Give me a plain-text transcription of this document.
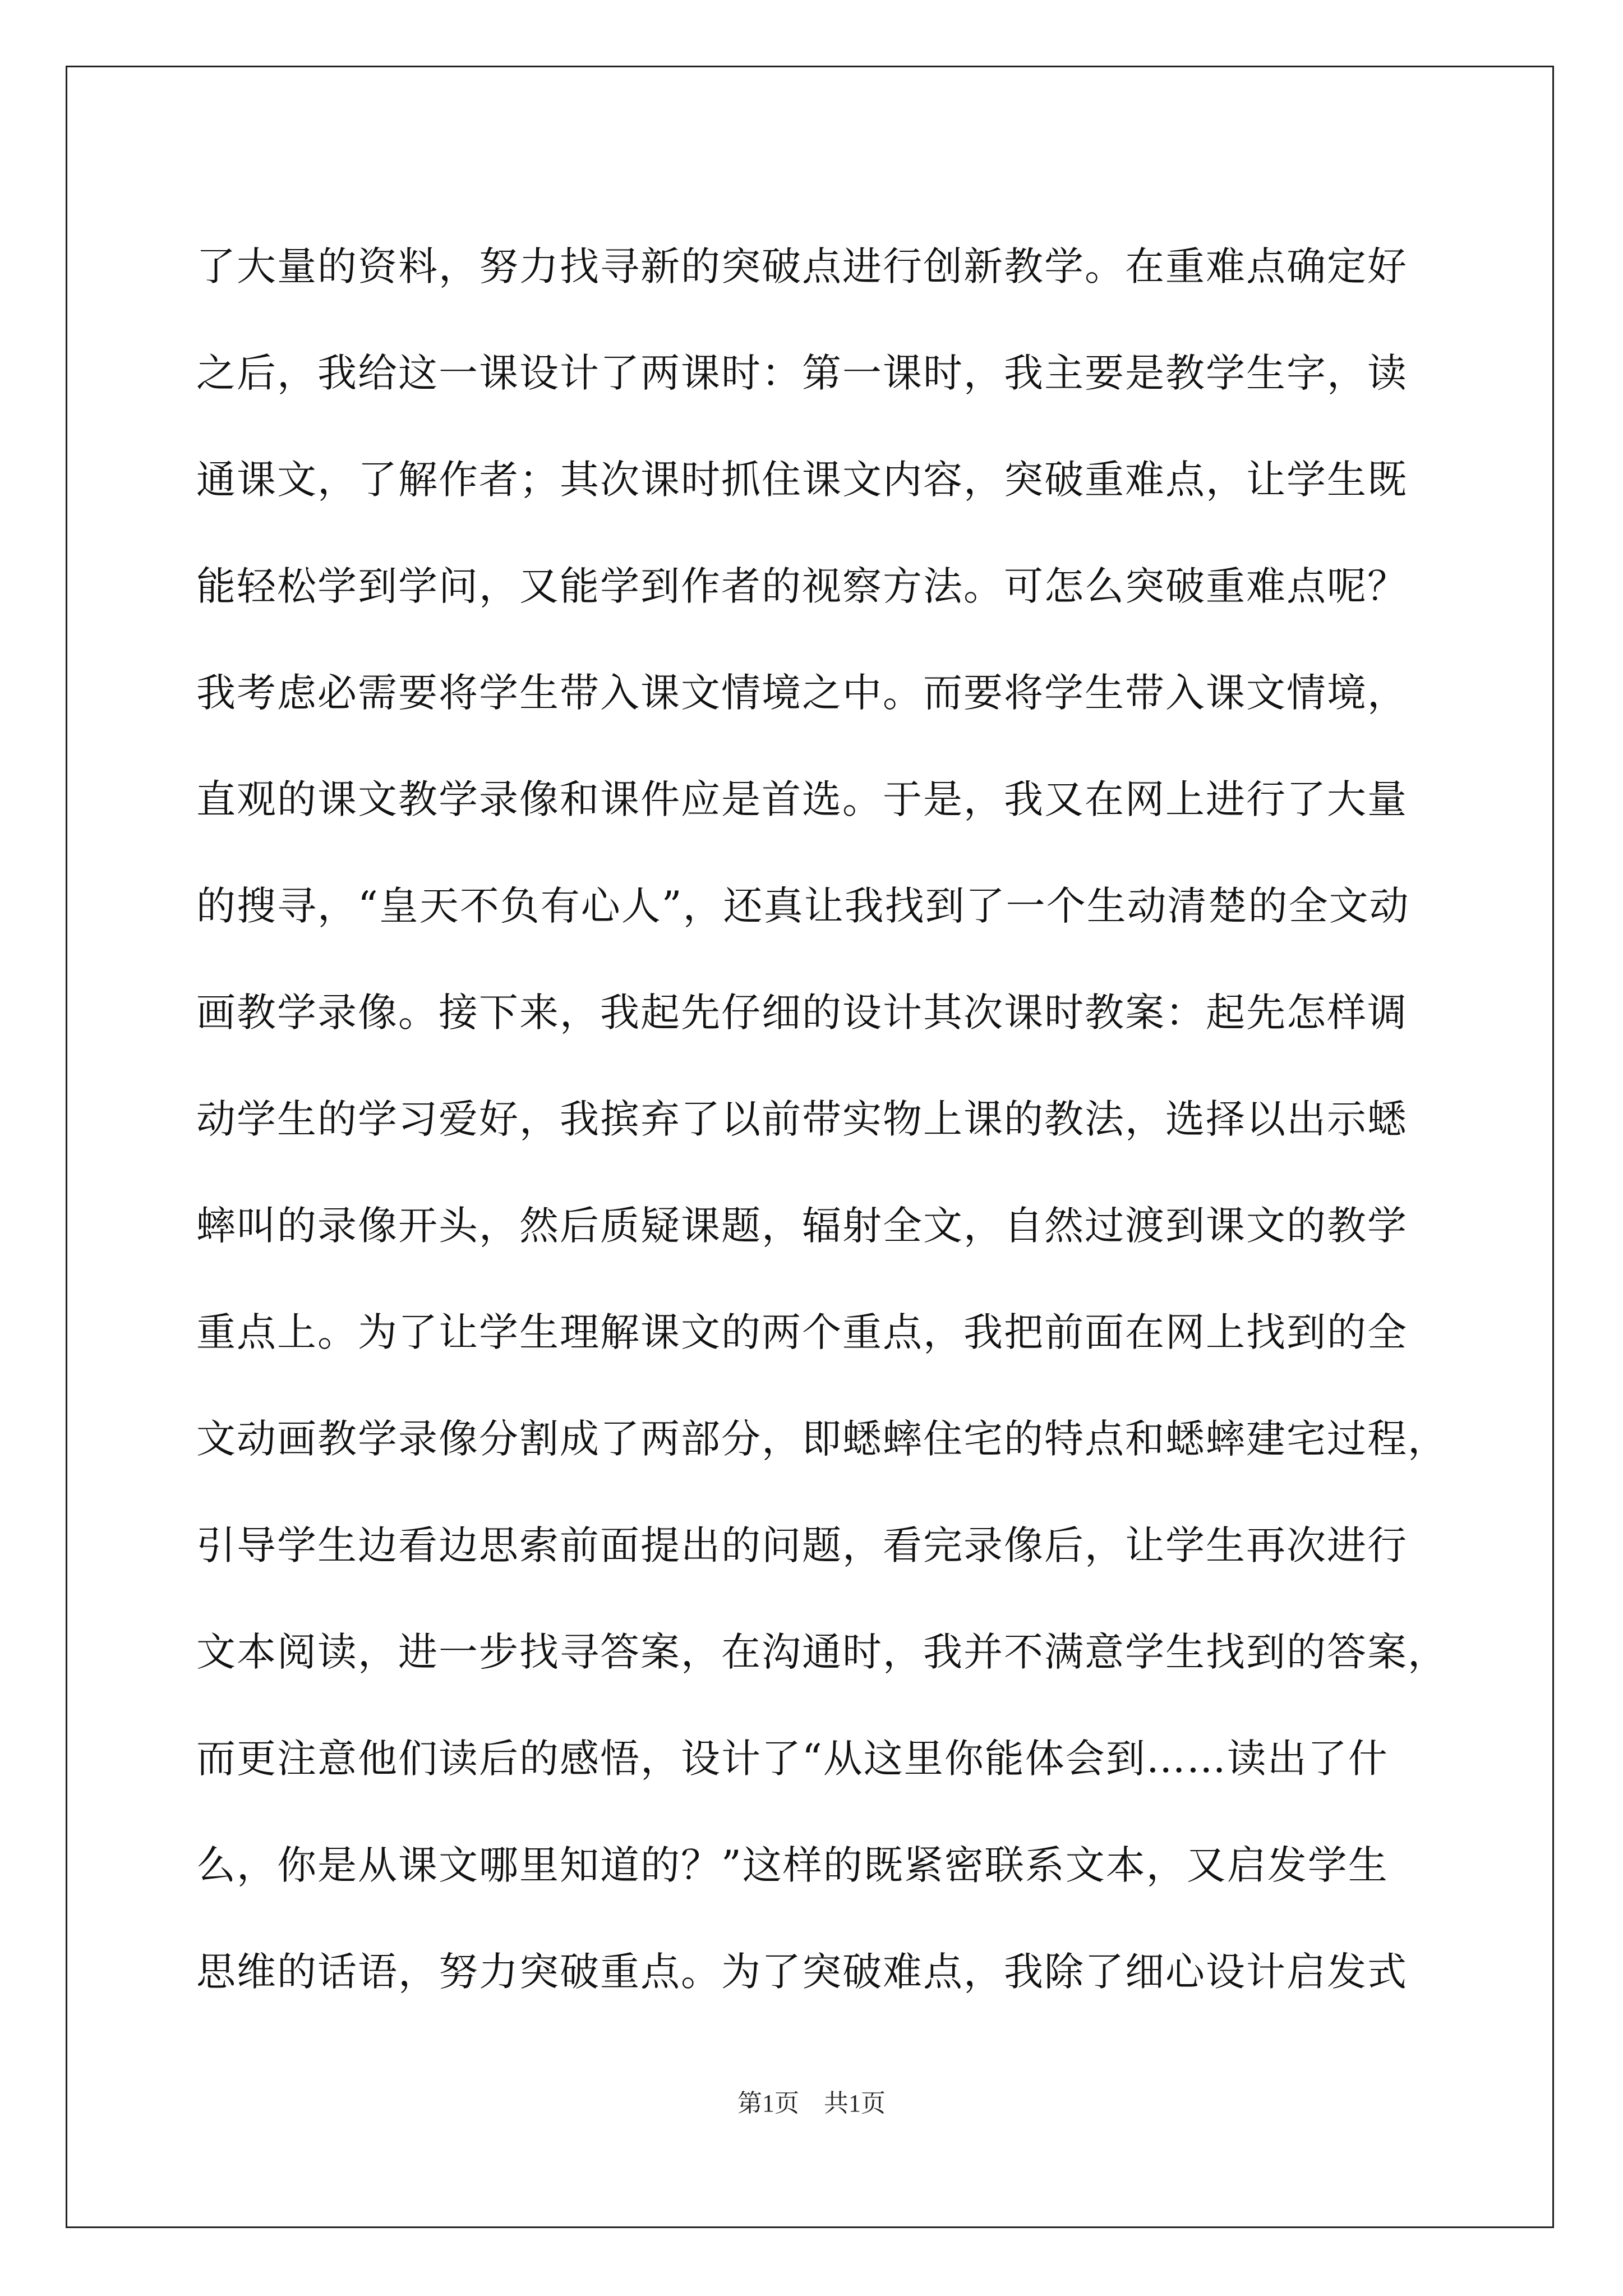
了大量的资料，努力找寻新的突破点进行创新教学。在重难点确定好
之后，我给这一课设计了两课时：第一课时，我主要是教学生字，读
通课文，了解作者；其次课时抓住课文内容，突破重难点，让学生既
能轻松学到学问，又能学到作者的视察方法。可怎么突破重难点呢？
我考虑必需要将学生带入课文情境之中。而要将学生带入课文情境，
直观的课文教学录像和课件应是首选。于是，我又在网上进行了大量
的搜寻，“皇天不负有心人”，还真让我找到了一个生动清楚的全文动
画教学录像。接下来，我起先仔细的设计其次课时教案：起先怎样调
动学生的学习爱好，我摈弃了以前带实物上课的教法，选择以出示蟋
蟀叫的录像开头，然后质疑课题，辐射全文，自然过渡到课文的教学
重点上。为了让学生理解课文的两个重点，我把前面在网上找到的全
文动画教学录像分割成了两部分，即蟋蟀住宅的特点和蟋蟀建宅过程，
引导学生边看边思索前面提出的问题，看完录像后，让学生再次进行
文本阅读，进一步找寻答案，在沟通时，我并不满意学生找到的答案，
而更注意他们读后的感悟，设计了“从这里你能体会到……读出了什
么，你是从课文哪里知道的？”这样的既紧密联系文本，又启发学生
思维的话语，努力突破重点。为了突破难点，我除了细心设计启发式
第1页　共1页
